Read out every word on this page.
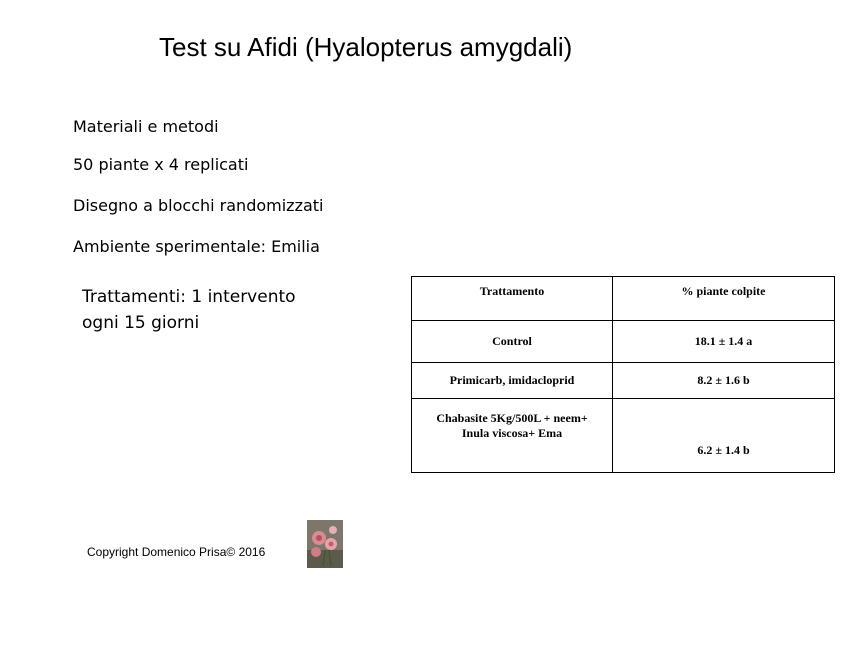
Test su Afidi (Hyalopterus amygdali)
Materiali e metodi
50 piante x 4 replicati
Disegno a blocchi randomizzati
Ambiente sperimentale: Emilia
Trattamenti: 1 intervento
ogni 15 giorni
Trattamento	% piante colpite
Control	18.1 ± 1.4 a
Primicarb, imidacloprid	8.2 ± 1.6 b

Chabasite 5Kg/500L + neem+
Inula viscosa+ Ema	6.2 ± 1.4 b
Copyright Domenico Prisa© 2016
